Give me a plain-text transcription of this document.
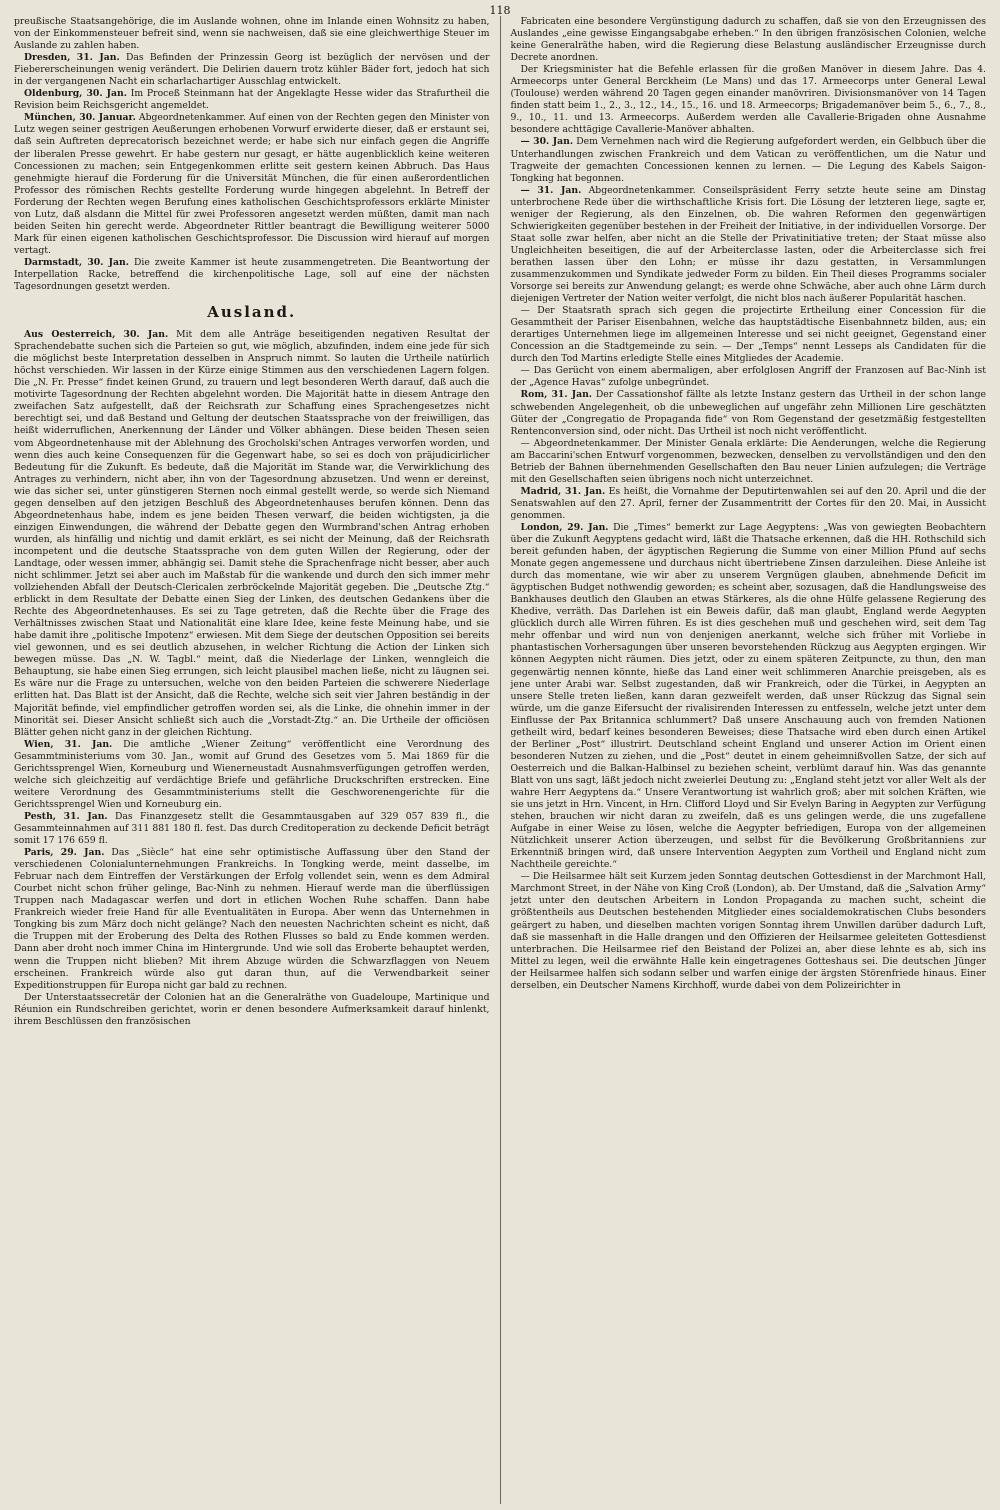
118

preußische Staatsangehörige, die im Auslande wohnen, ohne im Inlande einen Wohnsitz zu haben, von der Einkommensteuer befreit sind, wenn sie nachweisen, daß sie eine gleichwerthige Steuer im Auslande zu zahlen haben.

Dresden, 31. Jan. Das Befinden der Prinzessin Georg ist bezüglich der nervösen und der Fiebererscheinungen wenig verändert. Die Delirien dauern trotz kühler Bäder fort, jedoch hat sich in der vergangenen Nacht ein scharlachartiger Ausschlag entwickelt.

Oldenburg, 30. Jan. Im Proceß Steinmann hat der Angeklagte Hesse wider das Strafurtheil die Revision beim Reichsgericht angemeldet.

München, 30. Januar. Abgeordnetenkammer. Auf einen von der Rechten gegen den Minister von Lutz wegen seiner gestrigen Aeußerungen erhobenen Vorwurf erwiderte dieser, daß er erstaunt sei, daß sein Auftreten deprecatorisch bezeichnet werde; er habe sich nur einfach gegen die Angriffe der liberalen Presse gewehrt. Er habe gestern nur gesagt, er hätte augenblicklich keine weiteren Concessionen zu machen; sein Entgegenkommen erlitte seit gestern keinen Abbruch. Das Haus genehmigte hierauf die Forderung für die Universität München, die für einen außerordentlichen Professor des römischen Rechts gestellte Forderung wurde hingegen abgelehnt. In Betreff der Forderung der Rechten wegen Berufung eines katholischen Geschichtsprofessors erklärte Minister von Lutz, daß alsdann die Mittel für zwei Professoren angesetzt werden müßten, damit man nach beiden Seiten hin gerecht werde. Abgeordneter Rittler beantragt die Bewilligung weiterer 5000 Mark für einen eigenen katholischen Geschichtsprofessor. Die Discussion wird hierauf auf morgen vertagt.

Darmstadt, 30. Jan. Die zweite Kammer ist heute zusammengetreten. Die Beantwortung der Interpellation Racke, betreffend die kirchenpolitische Lage, soll auf eine der nächsten Tagesordnungen gesetzt werden.

Ausland.

Aus Oesterreich, 30. Jan. Mit dem alle Anträge beseitigenden negativen Resultat der Sprachendebatte suchen sich die Parteien so gut, wie möglich, abzufinden, indem eine jede für sich die möglichst beste Interpretation desselben in Anspruch nimmt. So lauten die Urtheile natürlich höchst verschieden. Wir lassen in der Kürze einige Stimmen aus den verschiedenen Lagern folgen. Die „N. Fr. Presse“ findet keinen Grund, zu trauern und legt besonderen Werth darauf, daß auch die motivirte Tagesordnung der Rechten abgelehnt worden. Die Majorität hatte in diesem Antrage den zweifachen Satz aufgestellt, daß der Reichsrath zur Schaffung eines Sprachengesetzes nicht berechtigt sei, und daß Bestand und Geltung der deutschen Staatssprache von der freiwilligen, das heißt widerruflichen, Anerkennung der Länder und Völker abhängen. Diese beiden Thesen seien vom Abgeordnetenhause mit der Ablehnung des Grocholski'schen Antrages verworfen worden, und wenn dies auch keine Consequenzen für die Gegenwart habe, so sei es doch von präjudicirlicher Bedeutung für die Zukunft. Es bedeute, daß die Majorität im Stande war, die Verwirklichung des Antrages zu verhindern, nicht aber, ihn von der Tagesordnung abzusetzen. Und wenn er dereinst, wie das sicher sei, unter günstigeren Sternen noch einmal gestellt werde, so werde sich Niemand gegen denselben auf den jetzigen Beschluß des Abgeordnetenhauses berufen können. Denn das Abgeordnetenhaus habe, indem es jene beiden Thesen verwarf, die beiden wichtigsten, ja die einzigen Einwendungen, die während der Debatte gegen den Wurmbrand'schen Antrag erhoben wurden, als hinfällig und nichtig und damit erklärt, es sei nicht der Meinung, daß der Reichsrath incompetent und die deutsche Staatssprache von dem guten Willen der Regierung, oder der Landtage, oder wessen immer, abhängig sei. Damit stehe die Sprachenfrage nicht besser, aber auch nicht schlimmer. Jetzt sei aber auch im Maßstab für die wankende und durch den sich immer mehr vollziehenden Abfall der Deutsch-Clericalen zerbröckelnde Majorität gegeben. Die „Deutsche Ztg.“ erblickt in dem Resultate der Debatte einen Sieg der Linken, des deutschen Gedankens über die Rechte des Abgeordnetenhauses. Es sei zu Tage getreten, daß die Rechte über die Frage des Verhältnisses zwischen Staat und Nationalität eine klare Idee, keine feste Meinung habe, und sie habe damit ihre „politische Impotenz“ erwiesen. Mit dem Siege der deutschen Opposition sei bereits viel gewonnen, und es sei deutlich abzusehen, in welcher Richtung die Action der Linken sich bewegen müsse. Das „N. W. Tagbl.“ meint, daß die Niederlage der Linken, wenngleich die Behauptung, sie habe einen Sieg errungen, sich leicht plausibel machen ließe, nicht zu läugnen sei. Es wäre nur die Frage zu untersuchen, welche von den beiden Parteien die schwerere Niederlage erlitten hat. Das Blatt ist der Ansicht, daß die Rechte, welche sich seit vier Jahren beständig in der Majorität befinde, viel empfindlicher getroffen worden sei, als die Linke, die ohnehin immer in der Minorität sei. Dieser Ansicht schließt sich auch die „Vorstadt-Ztg.“ an. Die Urtheile der officiösen Blätter gehen nicht ganz in der gleichen Richtung.

Wien, 31. Jan. Die amtliche „Wiener Zeitung“ veröffentlicht eine Verordnung des Gesammtministeriums vom 30. Jan., womit auf Grund des Gesetzes vom 5. Mai 1869 für die Gerichtssprengel Wien, Korneuburg und Wienerneustadt Ausnahmsverfügungen getroffen werden, welche sich gleichzeitig auf verdächtige Briefe und gefährliche Druckschriften erstrecken. Eine weitere Verordnung des Gesammtministeriums stellt die Geschworenengerichte für die Gerichtssprengel Wien und Korneuburg ein.

Pesth, 31. Jan. Das Finanzgesetz stellt die Gesammtausgaben auf 329 057 839 fl., die Gesammteinnahmen auf 311 881 180 fl. fest. Das durch Creditoperation zu deckende Deficit beträgt somit 17 176 659 fl.

Paris, 29. Jan. Das „Siècle“ hat eine sehr optimistische Auffassung über den Stand der verschiedenen Colonialunternehmungen Frankreichs. In Tongking werde, meint dasselbe, im Februar nach dem Eintreffen der Verstärkungen der Erfolg vollendet sein, wenn es dem Admiral Courbet nicht schon früher gelinge, Bac-Ninh zu nehmen. Hierauf werde man die überflüssigen Truppen nach Madagascar werfen und dort in etlichen Wochen Ruhe schaffen. Dann habe Frankreich wieder freie Hand für alle Eventualitäten in Europa. Aber wenn das Unternehmen in Tongking bis zum März doch nicht gelänge? Nach den neuesten Nachrichten scheint es nicht, daß die Truppen mit der Eroberung des Delta des Rothen Flusses so bald zu Ende kommen werden. Dann aber droht noch immer China im Hintergrunde. Und wie soll das Eroberte behauptet werden, wenn die Truppen nicht blieben? Mit ihrem Abzuge würden die Schwarzflaggen von Neuem erscheinen. Frankreich würde also gut daran thun, auf die Verwendbarkeit seiner Expeditionstruppen für Europa nicht gar bald zu rechnen.

Der Unterstaatssecretär der Colonien hat an die Generalräthe von Guadeloupe, Martinique und Réunion ein Rundschreiben gerichtet, worin er denen besondere Aufmerksamkeit darauf hinlenkt, ihrem Beschlüssen den französischen

Fabricaten eine besondere Vergünstigung dadurch zu schaffen, daß sie von den Erzeugnissen des Auslandes „eine gewisse Eingangsabgabe erheben.“ In den übrigen französischen Colonien, welche keine Generalräthe haben, wird die Regierung diese Belastung ausländischer Erzeugnisse durch Decrete anordnen.

Der Kriegsminister hat die Befehle erlassen für die großen Manöver in diesem Jahre. Das 4. Armeecorps unter General Berckheim (Le Mans) und das 17. Armeecorps unter General Lewal (Toulouse) werden während 20 Tagen gegen einander manövriren. Divisionsmanöver von 14 Tagen finden statt beim 1., 2., 3., 12., 14., 15., 16. und 18. Armeecorps; Brigademanöver beim 5., 6., 7., 8., 9., 10., 11. und 13. Armeecorps. Außerdem werden alle Cavallerie-Brigaden ohne Ausnahme besondere achttägige Cavallerie-Manöver abhalten.

— 30. Jan. Dem Vernehmen nach wird die Regierung aufgefordert werden, ein Gelbbuch über die Unterhandlungen zwischen Frankreich und dem Vatican zu veröffentlichen, um die Natur und Tragweite der gemachten Concessionen kennen zu lernen. — Die Legung des Kabels Saigon-Tongking hat begonnen.

— 31. Jan. Abgeordnetenkammer. Conseilspräsident Ferry setzte heute seine am Dinstag unterbrochene Rede über die wirthschaftliche Krisis fort. Die Lösung der letzteren liege, sagte er, weniger der Regierung, als den Einzelnen, ob. Die wahren Reformen den gegenwärtigen Schwierigkeiten gegenüber bestehen in der Freiheit der Initiative, in der individuellen Vorsorge. Der Staat solle zwar helfen, aber nicht an die Stelle der Privatinitiative treten; der Staat müsse also Ungleichheiten beseitigen, die auf der Arbeiterclasse lasten, oder die Arbeiterclasse sich frei berathen lassen über den Lohn; er müsse ihr dazu gestatten, in Versammlungen zusammenzukommen und Syndikate jedweder Form zu bilden. Ein Theil dieses Programms socialer Vorsorge sei bereits zur Anwendung gelangt; es werde ohne Schwäche, aber auch ohne Lärm durch diejenigen Vertreter der Nation weiter verfolgt, die nicht blos nach äußerer Popularität haschen.

— Der Staatsrath sprach sich gegen die projectirte Ertheilung einer Concession für die Gesammtheit der Pariser Eisenbahnen, welche das hauptstädtische Eisenbahnnetz bilden, aus; ein derartiges Unternehmen liege im allgemeinen Interesse und sei nicht geeignet, Gegenstand einer Concession an die Stadtgemeinde zu sein. — Der „Temps“ nennt Lesseps als Candidaten für die durch den Tod Martins erledigte Stelle eines Mitgliedes der Academie.

— Das Gerücht von einem abermaligen, aber erfolglosen Angriff der Franzosen auf Bac-Ninh ist der „Agence Havas“ zufolge unbegründet.

Rom, 31. Jan. Der Cassationshof fällte als letzte Instanz gestern das Urtheil in der schon lange schwebenden Angelegenheit, ob die unbeweglichen auf ungefähr zehn Millionen Lire geschätzten Güter der „Congregatio de Propaganda fide“ von Rom Gegenstand der gesetzmäßig festgestellten Rentenconversion sind, oder nicht. Das Urtheil ist noch nicht veröffentlicht.

— Abgeordnetenkammer. Der Minister Genala erklärte: Die Aenderungen, welche die Regierung am Baccarini'schen Entwurf vorgenommen, bezwecken, denselben zu vervollständigen und den den Betrieb der Bahnen übernehmenden Gesellschaften den Bau neuer Linien aufzulegen; die Verträge mit den Gesellschaften seien übrigens noch nicht unterzeichnet.

Madrid, 31. Jan. Es heißt, die Vornahme der Deputirtenwahlen sei auf den 20. April und die der Senatswahlen auf den 27. April, ferner der Zusammentritt der Cortes für den 20. Mai, in Aussicht genommen.

London, 29. Jan. Die „Times“ bemerkt zur Lage Aegyptens: „Was von gewiegten Beobachtern über die Zukunft Aegyptens gedacht wird, läßt die Thatsache erkennen, daß die HH. Rothschild sich bereit gefunden haben, der ägyptischen Regierung die Summe von einer Million Pfund auf sechs Monate gegen angemessene und durchaus nicht übertriebene Zinsen darzuleihen. Diese Anleihe ist durch das momentane, wie wir aber zu unserem Vergnügen glauben, abnehmende Deficit im ägyptischen Budget nothwendig geworden; es scheint aber, sozusagen, daß die Handlungsweise des Bankhauses deutlich den Glauben an etwas Stärkeres, als die ohne Hülfe gelassene Regierung des Khedive, verräth. Das Darlehen ist ein Beweis dafür, daß man glaubt, England werde Aegypten glücklich durch alle Wirren führen. Es ist dies geschehen muß und geschehen wird, seit dem Tag mehr offenbar und wird nun von denjenigen anerkannt, welche sich früher mit Vorliebe in phantastischen Vorhersagungen über unseren bevorstehenden Rückzug aus Aegypten ergingen. Wir können Aegypten nicht räumen. Dies jetzt, oder zu einem späteren Zeitpuncte, zu thun, den man gegenwärtig nennen könnte, hieße das Land einer weit schlimmeren Anarchie preisgeben, als es jene unter Arabi war. Selbst zugestanden, daß wir Frankreich, oder die Türkei, in Aegypten an unsere Stelle treten ließen, kann daran gezweifelt werden, daß unser Rückzug das Signal sein würde, um die ganze Eifersucht der rivalisirenden Interessen zu entfesseln, welche jetzt unter dem Einflusse der Pax Britannica schlummert? Daß unsere Anschauung auch von fremden Nationen getheilt wird, bedarf keines besonderen Beweises; diese Thatsache wird eben durch einen Artikel der Berliner „Post“ illustrirt. Deutschland scheint England und unserer Action im Orient einen besonderen Nutzen zu ziehen, und die „Post“ deutet in einem geheimnißvollen Satze, der sich auf Oesterreich und die Balkan-Halbinsel zu beziehen scheint, verblümt darauf hin. Was das genannte Blatt von uns sagt, läßt jedoch nicht zweierlei Deutung zu: „England steht jetzt vor aller Welt als der wahre Herr Aegyptens da.“ Unsere Verantwortung ist wahrlich groß; aber mit solchen Kräften, wie sie uns jetzt in Hrn. Vincent, in Hrn. Clifford Lloyd und Sir Evelyn Baring in Aegypten zur Verfügung stehen, brauchen wir nicht daran zu zweifeln, daß es uns gelingen werde, die uns zugefallene Aufgabe in einer Weise zu lösen, welche die Aegypter befriedigen, Europa von der allgemeinen Nützlichkeit unserer Action überzeugen, und selbst für die Bevölkerung Großbritanniens zur Erkenntniß bringen wird, daß unsere Intervention Aegypten zum Vortheil und England nicht zum Nachtheile gereichte.“

— Die Heilsarmee hält seit Kurzem jeden Sonntag deutschen Gottesdienst in der Marchmont Hall, Marchmont Street, in der Nähe von King Croß (London), ab. Der Umstand, daß die „Salvation Army“ jetzt unter den deutschen Arbeitern in London Propaganda zu machen sucht, scheint die größtentheils aus Deutschen bestehenden Mitglieder eines socialdemokratischen Clubs besonders geärgert zu haben, und dieselben machten vorigen Sonntag ihrem Unwillen darüber dadurch Luft, daß sie massenhaft in die Halle drangen und den Offizieren der Heilsarmee geleiteten Gottesdienst unterbrachen. Die Heilsarmee rief den Beistand der Polizei an, aber diese lehnte es ab, sich ins Mittel zu legen, weil die erwähnte Halle kein eingetragenes Gotteshaus sei. Die deutschen Jünger der Heilsarmee halfen sich sodann selber und warfen einige der ärgsten Störenfriede hinaus. Einer derselben, ein Deutscher Namens Kirchhoff, wurde dabei von dem Polizeirichter in
